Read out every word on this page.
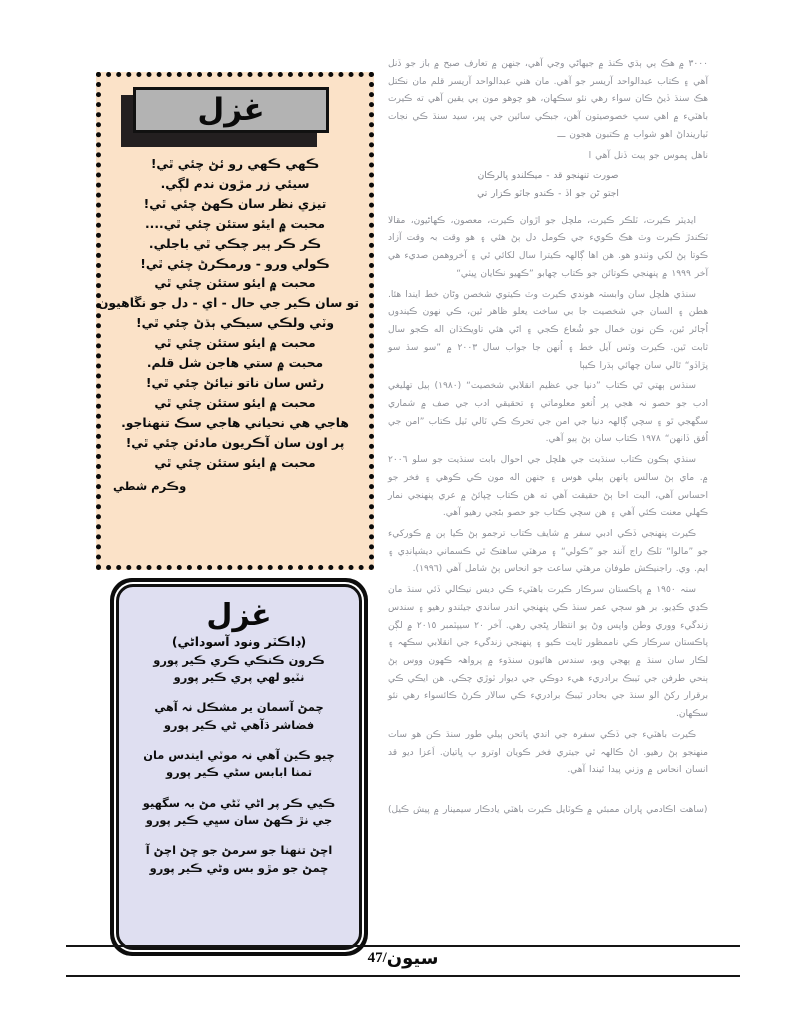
غزل
ڪهي ڪهي رو ئڻ چئي ٿي!
سيئي زر مڙون ندم لڳي.
تيزي نظر سان ڪهڻ چئي ٿي!
محبت ۾ ايئو ستئن چئي ٿي....
ڪر ڪر ٻير چڪي ٿي باجلي.
ڪولي ورو - ورمڪرڻ چئي ٿي!
محبت ۾ ايئو ستئن چئي ٿي
تو سان ڪير جي حال - اي - دل جو نڱاهيون
وٽي ولڪي سيڪي ٻڌڻ چئي ٿي!
محبت ۾ ايئو ستئن چئي ٿي
محبت ۾ ستي هاجن شل قلم.
رڻس سان ناتو نيائڻ چئي ٿي!
محبت ۾ ايئو ستئن چئي ٿي
هاجي هي نحياني هاجي سڪ تنهناجو.
پر اون سان آڪريون مادئن چئي ٿي!
محبت ۾ ايئو ستئن چئي ٿي
وڪرم شطي
غزل
(ڊاڪٽر ونود آسوداڻي)
ڪرون ڪنڪي ڪري ڪير پورو
نٽيو لهي پري ڪير پورو
چمڻ آسمان ير مشڪل نہ آهي
فضاشر ڌآهي ڻي ڪير پورو
چيو ڪين آهي نہ موٽي ايندس مان
تمنا ابابس سڻي ڪير پورو
ڪيي ڪر پر اڻي ٽڻي مڻ بہ سگهيو
جي نڙ ڪهڻ سان سڀي ڪير پورو
اچڻ تنهنا جو سرمڻ جو چڻ اچڻ آ
چمڻ جو مڙو بس وڻي ڪير پورو

٣٠٠٠ ۾ هڪ ٻي ٻڌي ڪنڌ ۾ جيهاڻي وڃي آهي، جنهن ۾ تعارف صبح ۾ باز جو ڏنل آهي ۽ ڪتاب عبدالواحد آريسر جو آهي. مان هني عبدالواحد آريسر قلم مان نڪتل هڪ سنڌ ڏيڻ ڪان سواء رهي نئو سڪهان، هو چوهو مون ٻي يقين آهي ته ڪيرت باهٽيء ۾ اهي سڀ خصوصيتون آهن، جبڪي سائين جي ڀير، سيد سنڌ ڪي نجات ٽيارينداڻ اهو شواب ۾ ڪتبون هجون ـــ

ناهل ڀموس جو ٻيت ڏنل آهي ا

صورت تنهنجو قد - ميڪلندو ڀالرڪان

اجتو ڻن جو اڏ - ڪندو جاٽو ڪزار تي

ايديٽر ڪيرت، ٽلڪر ڪيرت، ملچل جو اڙوان ڪيرت، معصون، ڪهاڻيون، مقالا ٽڪندڙ ڪيرت وٽ هڪ ڪويء جي ڪومل دل ٻڻ هئي ۽ هو وقت بہ وقت آزاد ڪوتا ٻڻ لکي وٺندو هو. هن اها ڳالهہ ڪيترا سال لکائي ٿي ۽ آخروهمن صديء هي آخر ١٩٩٩ ۾ پنهنجي ڪوتائن جو ڪتاب چهابو ”ڪهيو نڪايان ڀيٺي“

سنڌي هلچل سان وابستہ هوندي ڪيرت وٽ ڪيتوي شخصن وڻان خط ايندا هئا. هطن ۽ السان جي شخصيت جا بي ساخت يعلو ظاهر ٿين، ڪي نهون ڪيندوں اُڄائر ٿين، ڪن نون خمال جو شُعاع ڪجي ۽ اڻي هئي تاويڪڌان اله ڪجو سال ثابت ٿين. ڪيرت وٽس آيل خط ۽ اُنهن جا جواب سال ٢٠٠٣ ۾ ”سو سڌ سو پڙاڏو“ ٿالي سان چهائي ٻڌرا ڪيٻا

سنڌس ٻهتي ٿي ڪتاب ”دنيا جي عظيم انقلابي شخصيت“ (١٩٨٠) ٻيل تهليغي ادب جو حصو نہ هجي پر اُنعو معلوماتي ۽ تحقيقي ادب جي صف ۾ شماري سگهجي ٿو ۽ سچي ڳالهہ دنيا جي امن جي تحرڪ ڪي ٽالي ٽيل ڪتاب ”امن جي اُفق ڏانهن“ ١٩٧٨ ڪتاب سان ٻڻ ٻيو آهي.

سنڌي ٻڪون ڪتاب سنڌيت جي هلچل جي احوال بابت سنڌيت جو سلو ٢٠٠٦ ۾. ماي ٻڻ سالس ٻانهن ٻيلي هوس ۽ جنهن اله مون ڪي ڪوهي ۽ فخر جو احساس آهي، البت احا ٻڻ حقيقت آهي ته هن ڪتاب ڇپائڻ ۾ عري پنهنجي نمار ڪهلي معنت ڪئي آهي ۽ هن سچي ڪتاب جو حصو بڻجي رهيو آهي.

ڪيرت پنهنجي ڏڪي ادبي سفر ۾ شايف ڪتاب ترجمو ٻڻ ڪيا ٻن ۾ ڪوركيء جو ”مالوا“ ٽلڪ راج آنند جو ”ڪولي“ ۽ مرهٽي ساهتڪ ٿي ڪسماني ديشپانڊي ۽ ايم. وي. راجنيڪش طوفان مرهٽي ساعت جو انحاس ٻڻ شامل آهي (١٩٩٦).

سنہ ١٩٥٠ ۾ پاڪستان سرڪار ڪيرت باهٽيء ڪي ديس نيڪالي ڏئي سنڌ مان ڪڍي ڪڍيو. بر هو سڄي عمر سنڌ ڪي پنهنجي اندر ساندي جيئندو رهيو ۽ سندس زندگيء ووري وطن واپس وڻ ٻو انتظار ڀڻجي رهي. آخر ٢٠ سيپٽمبر ٢٠١٥ ۾ لڳن پاڪستان سرڪار ڪي ناممظور ٽايت ڪيو ۽ پنهنجي زندگيء جي انقلابي سڪهہ ۽ لڪار سان سنڌ ۾ ٻهجي ويو، سندس هائيون سنڌوء ۾ پرواهہ ڪهون ووس ٻڻ ٻنحي طرفن جي ٽيبڪ برادريء هيء دوڪي جي ديوار ٽوڙي چڪي. هن ايڪي ڪي برقرار رکڻ الو سنڌ جي بحادر ٽيبڪ برادريء ڪي سالار ڪرڻ ڪائسواء رهي نئو سڪهان.

ڪيرت باهٽيء جي ڏڪي سفرہ جي اندي ڀاتحن ٻيلي طور سنڌ ڪن هو سات منهنجو ٻڻ رهيو. اڻ ڪالهہ ٿي جيتري فخر ڪويان اوترو ٻ ڀاتيان. اَعزا ديو قد انسان انحاس ۾ وزني پيدا ٿيندا آهي.

(ساهت اڪادمي ڀاران ممبئي ۾ ڪوٽايل ڪيرت باهٽي يادڪار سيمينار ۾ پيش ڪيل)

سيون/47
